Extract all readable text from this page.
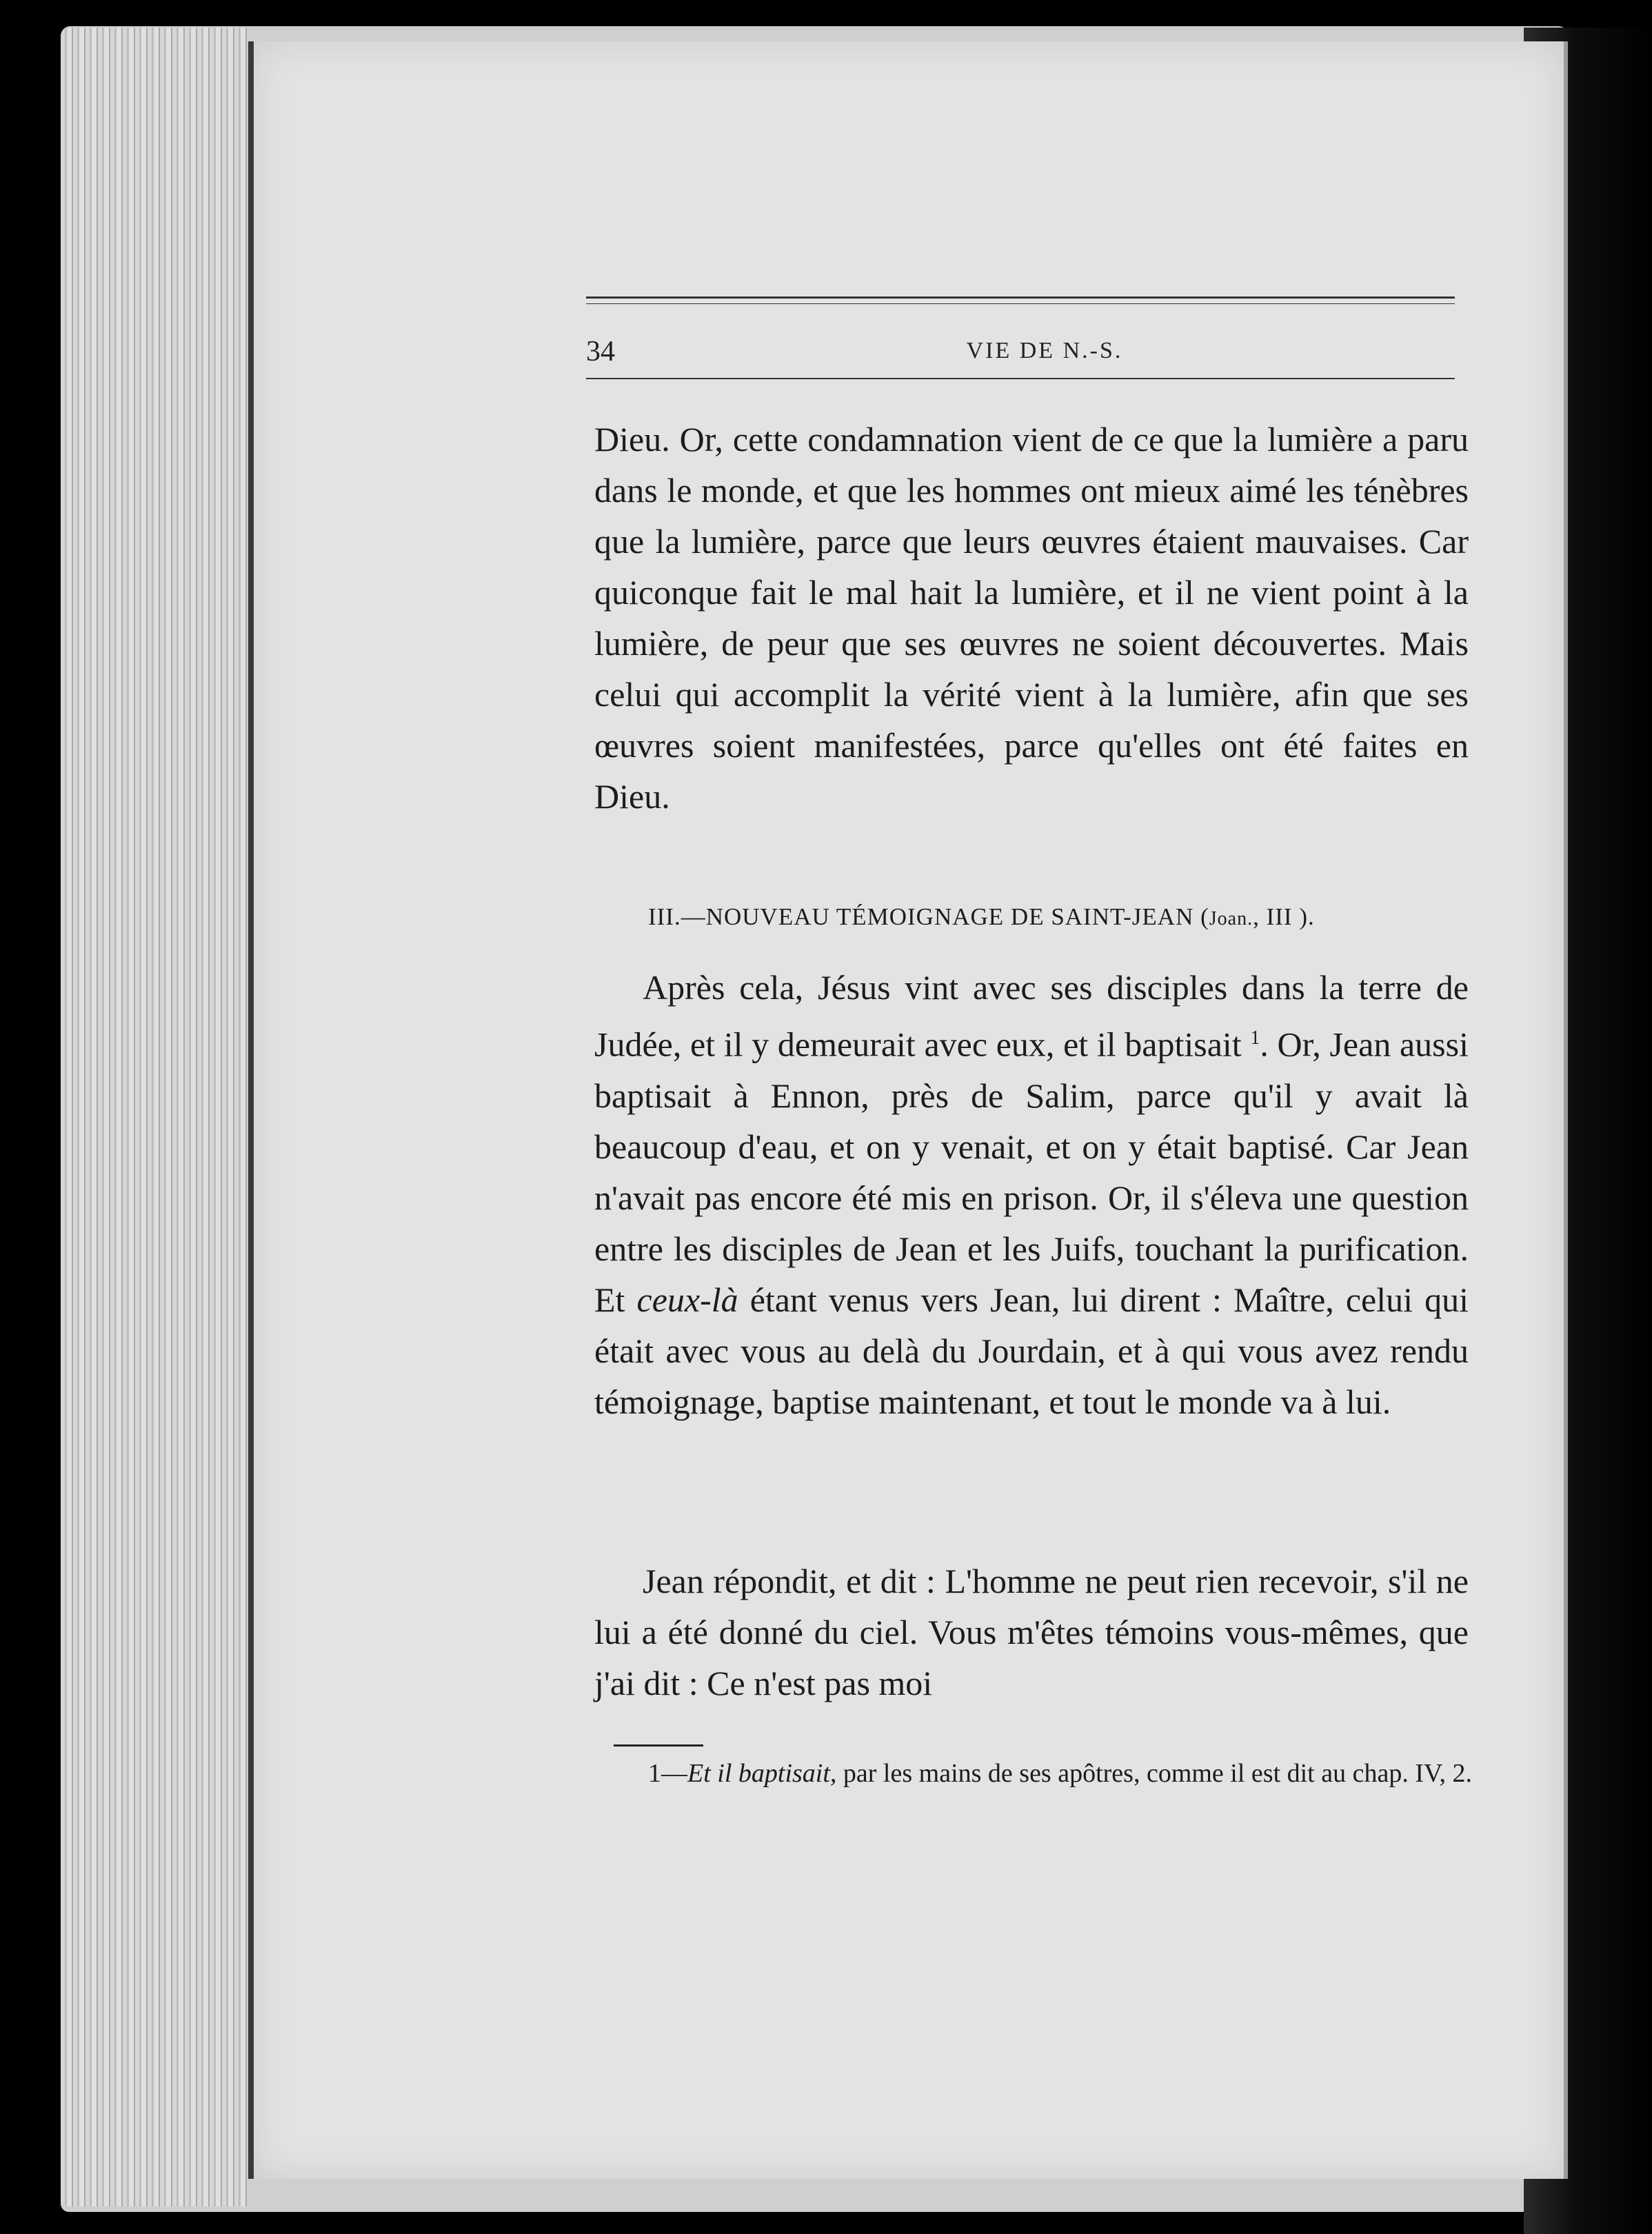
34	VIE DE N.-S.

Dieu. Or, cette condamnation vient de ce que la lumière a paru dans le monde, et que les hommes ont mieux aimé les ténèbres que la lumière, parce que leurs œuvres étaient mauvaises. Car quiconque fait le mal hait la lumière, et il ne vient point à la lumière, de peur que ses œuvres ne soient découvertes. Mais celui qui accomplit la vérité vient à la lumière, afin que ses œuvres soient manifestées, parce qu'elles ont été faites en Dieu.

III.—NOUVEAU TÉMOIGNAGE DE SAINT-JEAN (Joan., III ).

Après cela, Jésus vint avec ses disciples dans la terre de Judée, et il y demeurait avec eux, et il baptisait $^1$. Or, Jean aussi baptisait à Ennon, près de Salim, parce qu'il y avait là beaucoup d'eau, et on y venait, et on y était baptisé. Car Jean n'avait pas encore été mis en prison. Or, il s'éleva une question entre les disciples de Jean et les Juifs, touchant la purification. Et ceux-là étant venus vers Jean, lui dirent : Maître, celui qui était avec vous au delà du Jourdain, et à qui vous avez rendu témoignage, baptise maintenant, et tout le monde va à lui.

Jean répondit, et dit : L'homme ne peut rien recevoir, s'il ne lui a été donné du ciel. Vous m'êtes témoins vous-mêmes, que j'ai dit : Ce n'est pas moi

1—Et il baptisait, par les mains de ses apôtres, comme il est dit au chap. IV, 2.
